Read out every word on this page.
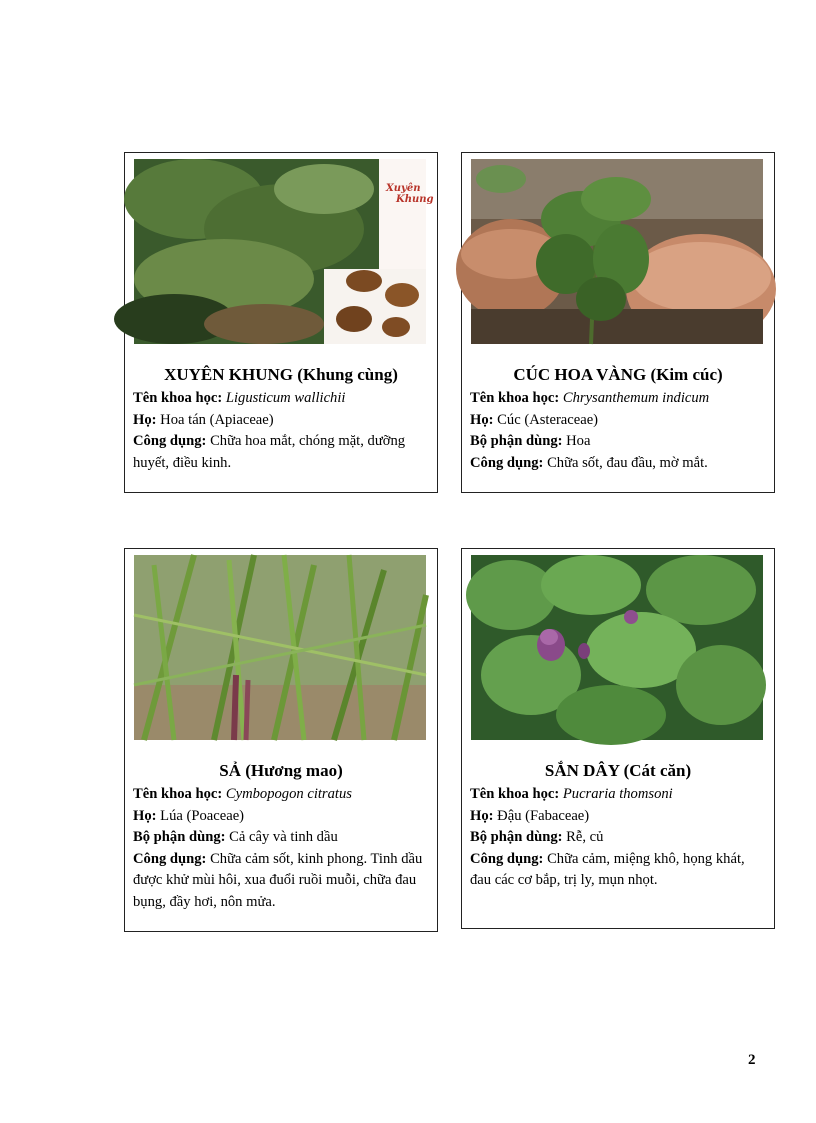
Xuyên
Khung
XUYÊN KHUNG (Khung cùng)
Tên khoa học: Ligusticum wallichii
Họ: Hoa tán (Apiaceae)
Công dụng: Chữa hoa mắt, chóng mặt, dưỡng huyết, điều kinh.
CÚC HOA VÀNG (Kim cúc)
Tên khoa học: Chrysanthemum indicum
Họ: Cúc (Asteraceae)
Bộ phận dùng: Hoa
Công dụng: Chữa sốt, đau đầu, mờ mắt.
SẢ (Hương mao)
Tên khoa học: Cymbopogon citratus
Họ: Lúa (Poaceae)
Bộ phận dùng: Cả cây và tinh dầu
Công dụng: Chữa cảm sốt, kinh phong. Tinh dầu được khử mùi hôi, xua đuổi ruồi muỗi, chữa đau bụng, đầy hơi, nôn mửa.
SẮN DÂY (Cát căn)
Tên khoa học: Pucraria thomsoni
Họ: Đậu (Fabaceae)
Bộ phận dùng: Rễ, củ
Công dụng: Chữa cảm, miệng khô, họng khát, đau các cơ bắp, trị ly, mụn nhọt.
2
